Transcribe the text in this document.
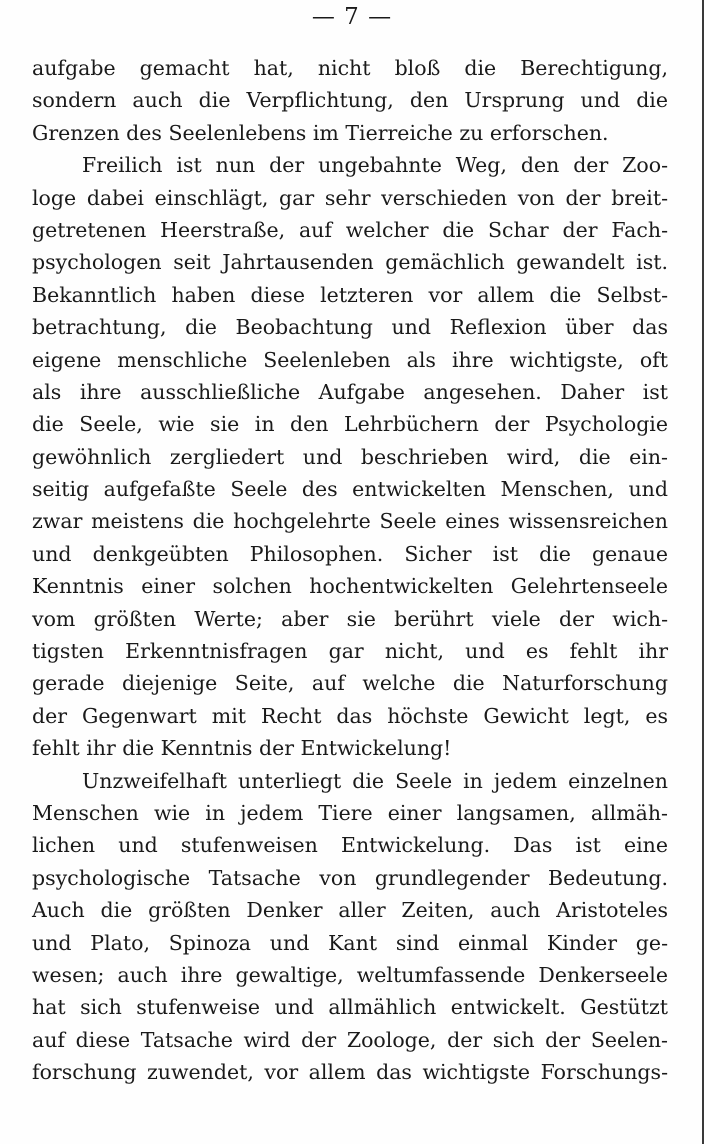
— 7 —
aufgabe gemacht hat, nicht bloß die Berechtigung,
sondern auch die Verpflichtung, den Ursprung und die
Grenzen des Seelenlebens im Tierreiche zu erforschen.
Freilich ist nun der ungebahnte Weg, den der Zoo-
loge dabei einschlägt, gar sehr verschieden von der breit-
getretenen Heerstraße, auf welcher die Schar der Fach-
psychologen seit Jahrtausenden gemächlich gewandelt ist.
Bekanntlich haben diese letzteren vor allem die Selbst-
betrachtung, die Beobachtung und Reflexion über das
eigene menschliche Seelenleben als ihre wichtigste, oft
als ihre ausschließliche Aufgabe angesehen. Daher ist
die Seele, wie sie in den Lehrbüchern der Psychologie
gewöhnlich zergliedert und beschrieben wird, die ein-
seitig aufgefaßte Seele des entwickelten Menschen, und
zwar meistens die hochgelehrte Seele eines wissensreichen
und denkgeübten Philosophen. Sicher ist die genaue
Kenntnis einer solchen hochentwickelten Gelehrtenseele
vom größten Werte; aber sie berührt viele der wich-
tigsten Erkenntnisfragen gar nicht, und es fehlt ihr
gerade diejenige Seite, auf welche die Naturforschung
der Gegenwart mit Recht das höchste Gewicht legt, es
fehlt ihr die Kenntnis der Entwickelung!
Unzweifelhaft unterliegt die Seele in jedem einzelnen
Menschen wie in jedem Tiere einer langsamen, allmäh-
lichen und stufenweisen Entwickelung. Das ist eine
psychologische Tatsache von grundlegender Bedeutung.
Auch die größten Denker aller Zeiten, auch Aristoteles
und Plato, Spinoza und Kant sind einmal Kinder ge-
wesen; auch ihre gewaltige, weltumfassende Denkerseele
hat sich stufenweise und allmählich entwickelt. Gestützt
auf diese Tatsache wird der Zoologe, der sich der Seelen-
forschung zuwendet, vor allem das wichtigste Forschungs-
